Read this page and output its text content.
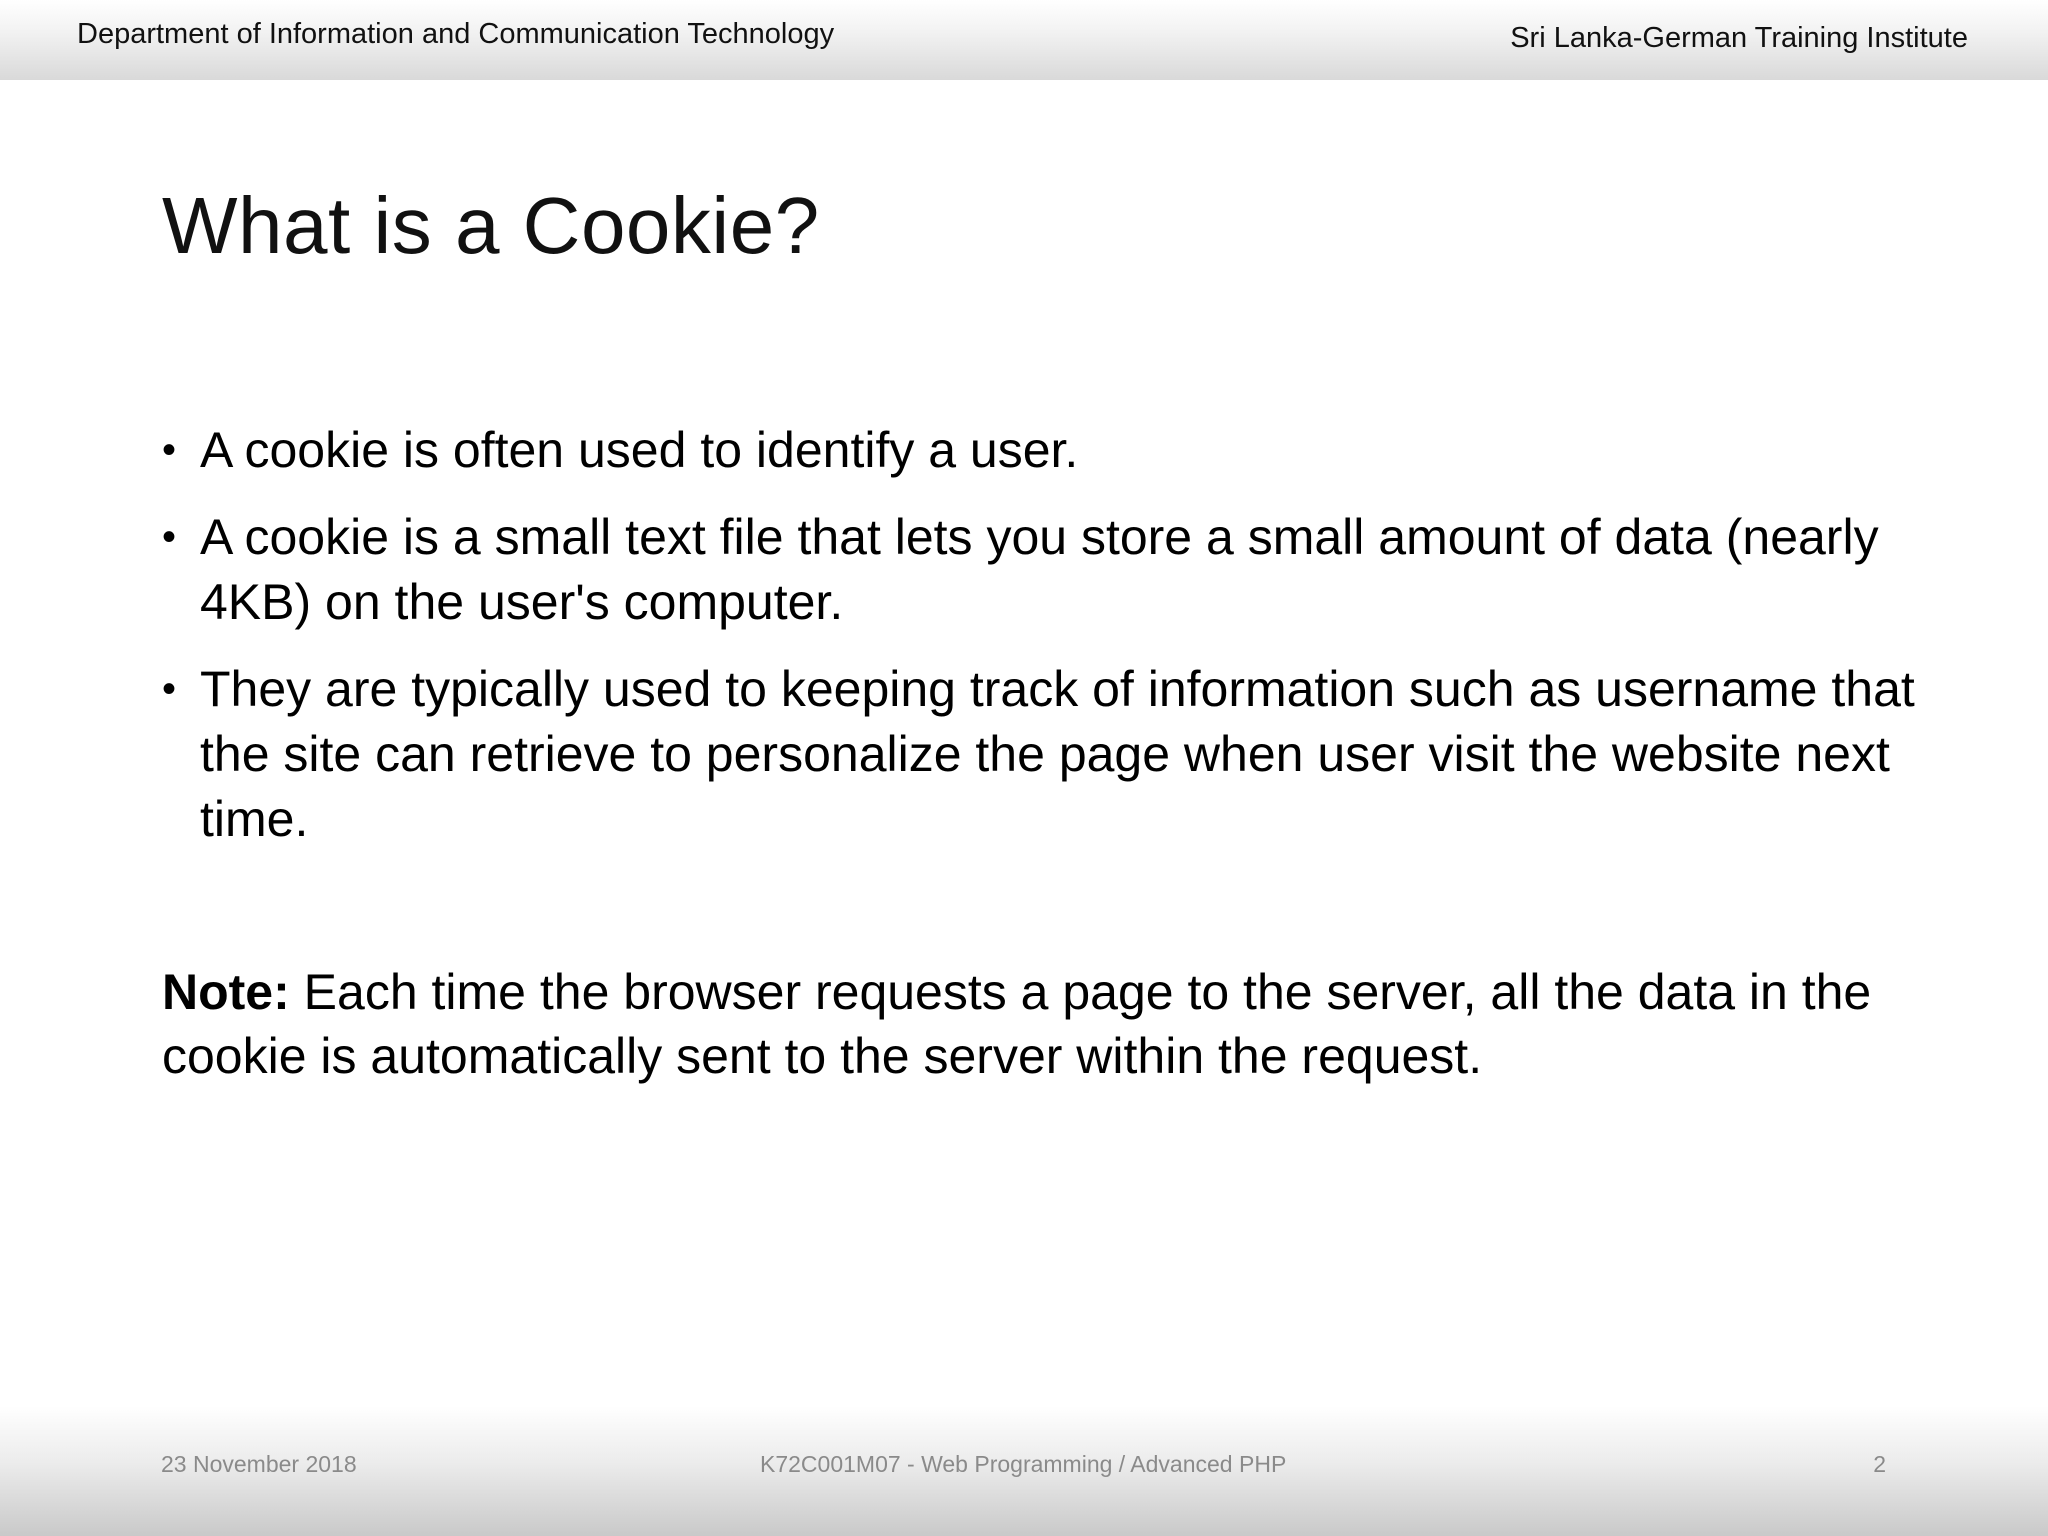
Department of Information and Communication Technology	Sri Lanka-German Training Institute
What is a Cookie?
• A cookie is often used to identify a user.
• A cookie is a small text file that lets you store a small amount of data (nearly 4KB) on the user's computer.
• They are typically used to keeping track of information such as username that the site can retrieve to personalize the page when user visit the website next time.

Note: Each time the browser requests a page to the server, all the data in the cookie is automatically sent to the server within the request.

23 November 2018	K72C001M07 - Web Programming / Advanced PHP	2
